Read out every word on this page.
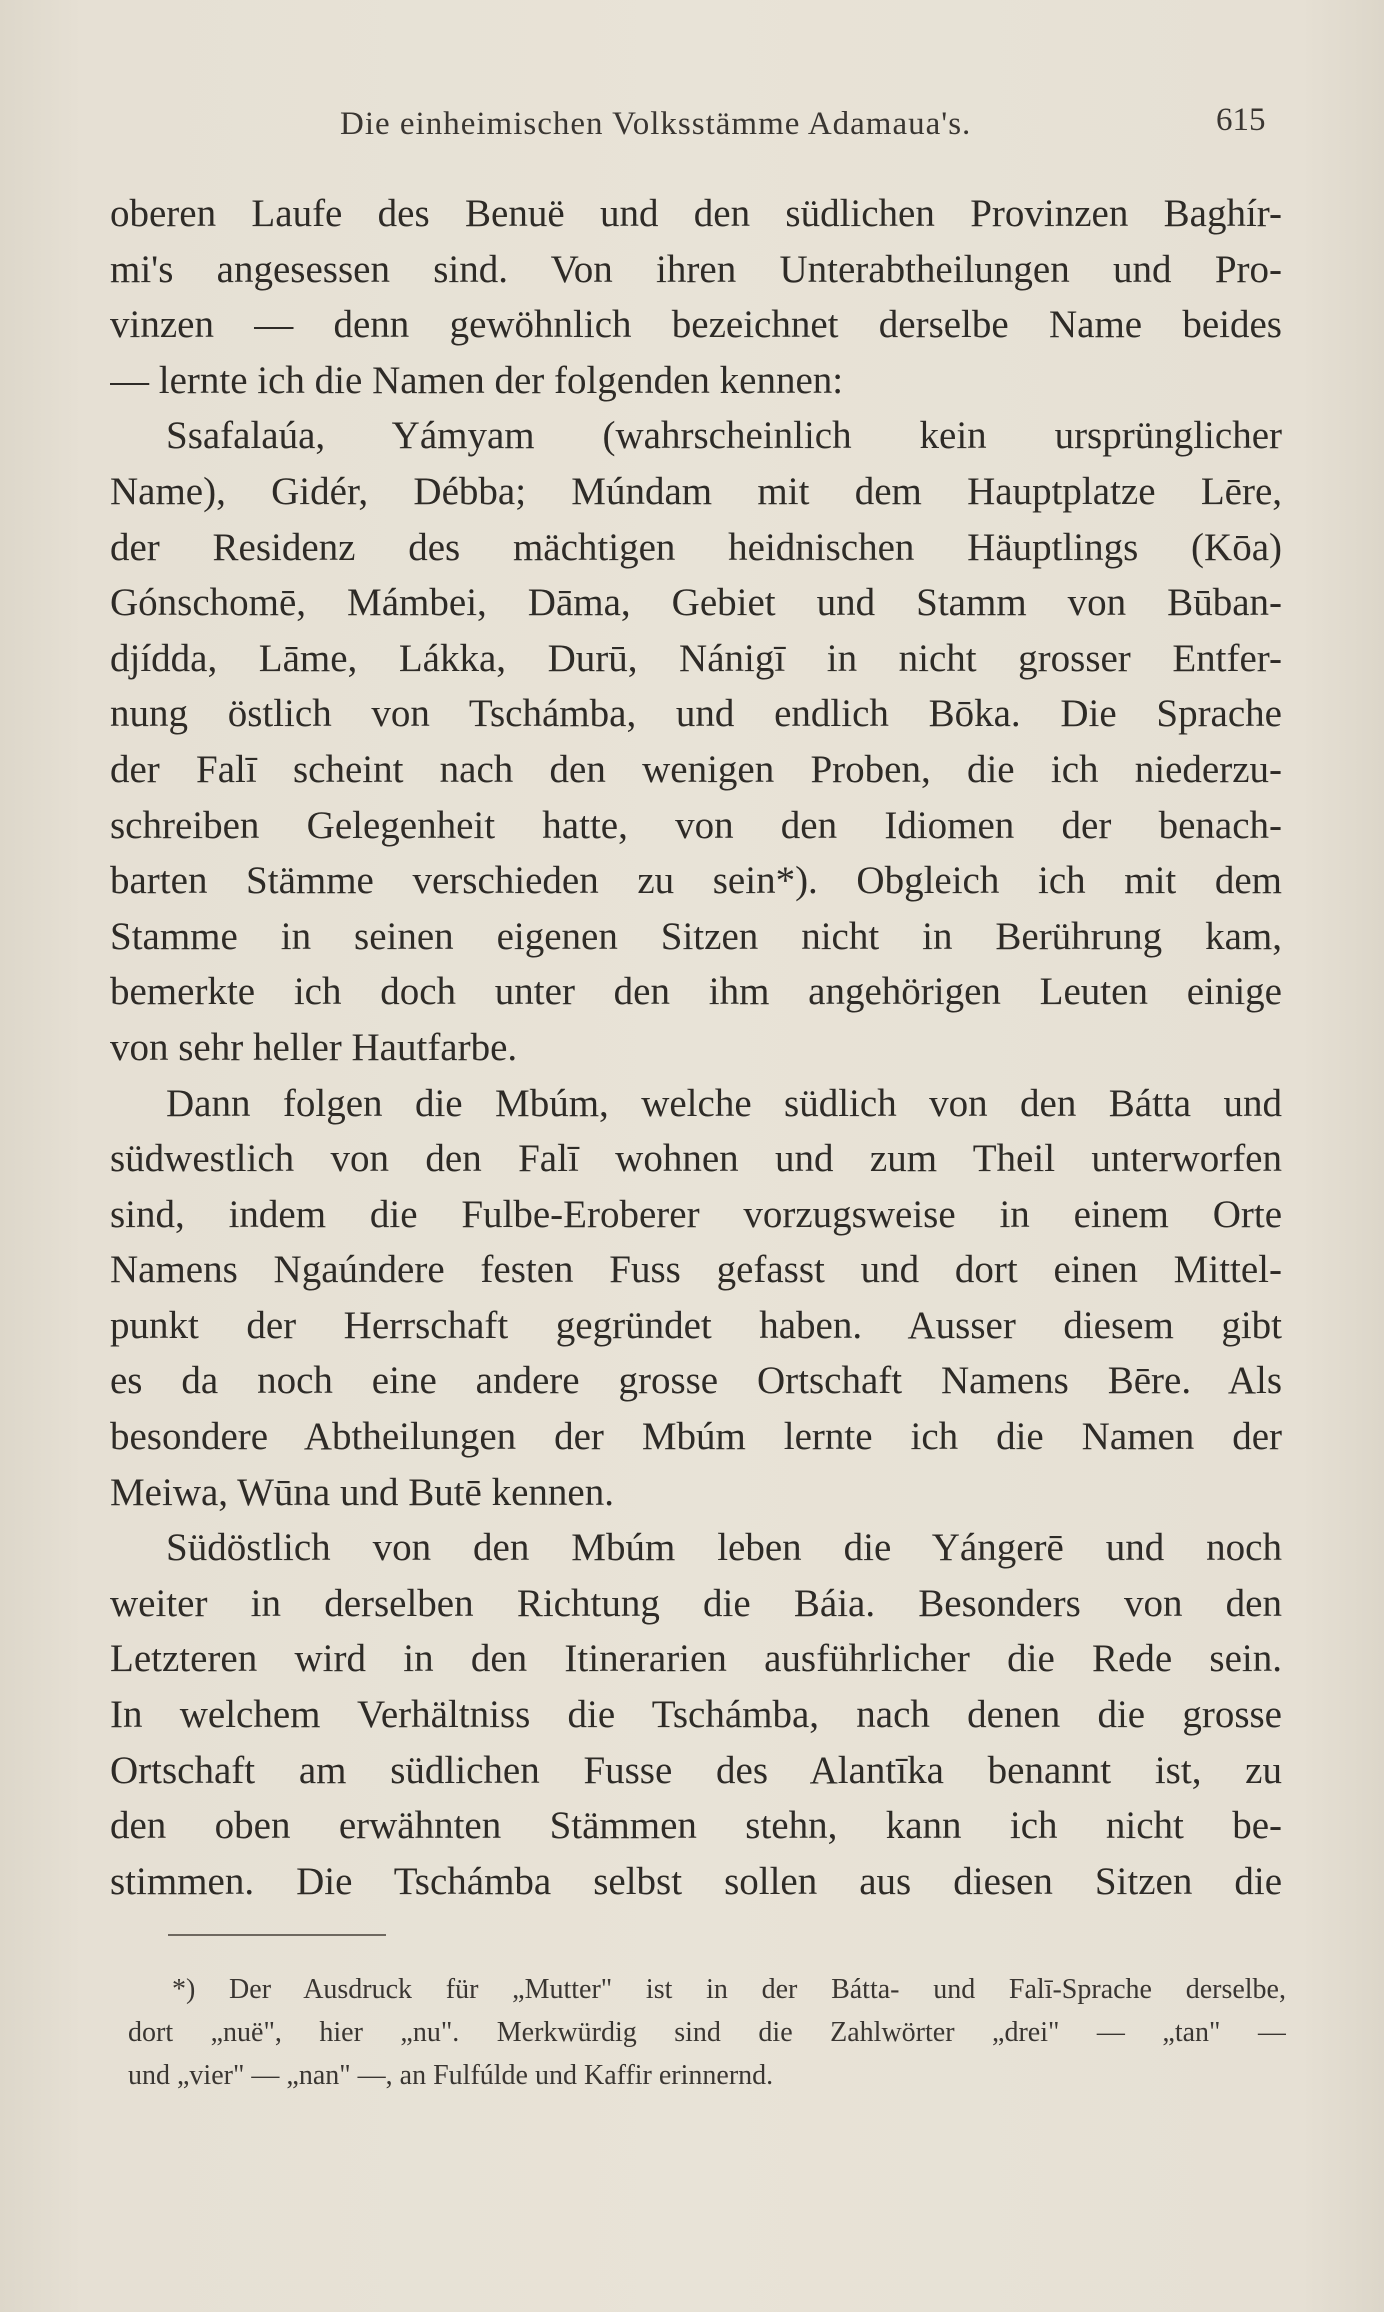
Die einheimischen Volksstämme Adamaua's.	615
oberen Laufe des Benuë und den südlichen Provinzen Baghír-
mi's angesessen sind. Von ihren Unterabtheilungen und Pro-
vinzen — denn gewöhnlich bezeichnet derselbe Name beides
— lernte ich die Namen der folgenden kennen:
Ssafalaúa, Yámyam (wahrscheinlich kein ursprünglicher
Name), Gidér, Débba; Múndam mit dem Hauptplatze Lēre,
der Residenz des mächtigen heidnischen Häuptlings (Kōa)
Gónschomē, Mámbei, Dāma, Gebiet und Stamm von Būban-
djídda, Lāme, Lákka, Durū, Nánigī in nicht grosser Entfer-
nung östlich von Tschámba, und endlich Bōka. Die Sprache
der Falī scheint nach den wenigen Proben, die ich niederzu-
schreiben Gelegenheit hatte, von den Idiomen der benach-
barten Stämme verschieden zu sein*). Obgleich ich mit dem
Stamme in seinen eigenen Sitzen nicht in Berührung kam,
bemerkte ich doch unter den ihm angehörigen Leuten einige
von sehr heller Hautfarbe.
Dann folgen die Mbúm, welche südlich von den Bátta und
südwestlich von den Falī wohnen und zum Theil unterworfen
sind, indem die Fulbe-Eroberer vorzugsweise in einem Orte
Namens Ngaúndere festen Fuss gefasst und dort einen Mittel-
punkt der Herrschaft gegründet haben. Ausser diesem gibt
es da noch eine andere grosse Ortschaft Namens Bēre. Als
besondere Abtheilungen der Mbúm lernte ich die Namen der
Meiwa, Wūna und Butē kennen.
Südöstlich von den Mbúm leben die Yángerē und noch
weiter in derselben Richtung die Báia. Besonders von den
Letzteren wird in den Itinerarien ausführlicher die Rede sein.
In welchem Verhältniss die Tschámba, nach denen die grosse
Ortschaft am südlichen Fusse des Alantīka benannt ist, zu
den oben erwähnten Stämmen stehn, kann ich nicht be-
stimmen. Die Tschámba selbst sollen aus diesen Sitzen die
*) Der Ausdruck für „Mutter" ist in der Bátta- und Falī-Sprache derselbe,
dort „nuë", hier „nu". Merkwürdig sind die Zahlwörter „drei" — „tan" —
und „vier" — „nan" —, an Fulfúlde und Kaffir erinnernd.
